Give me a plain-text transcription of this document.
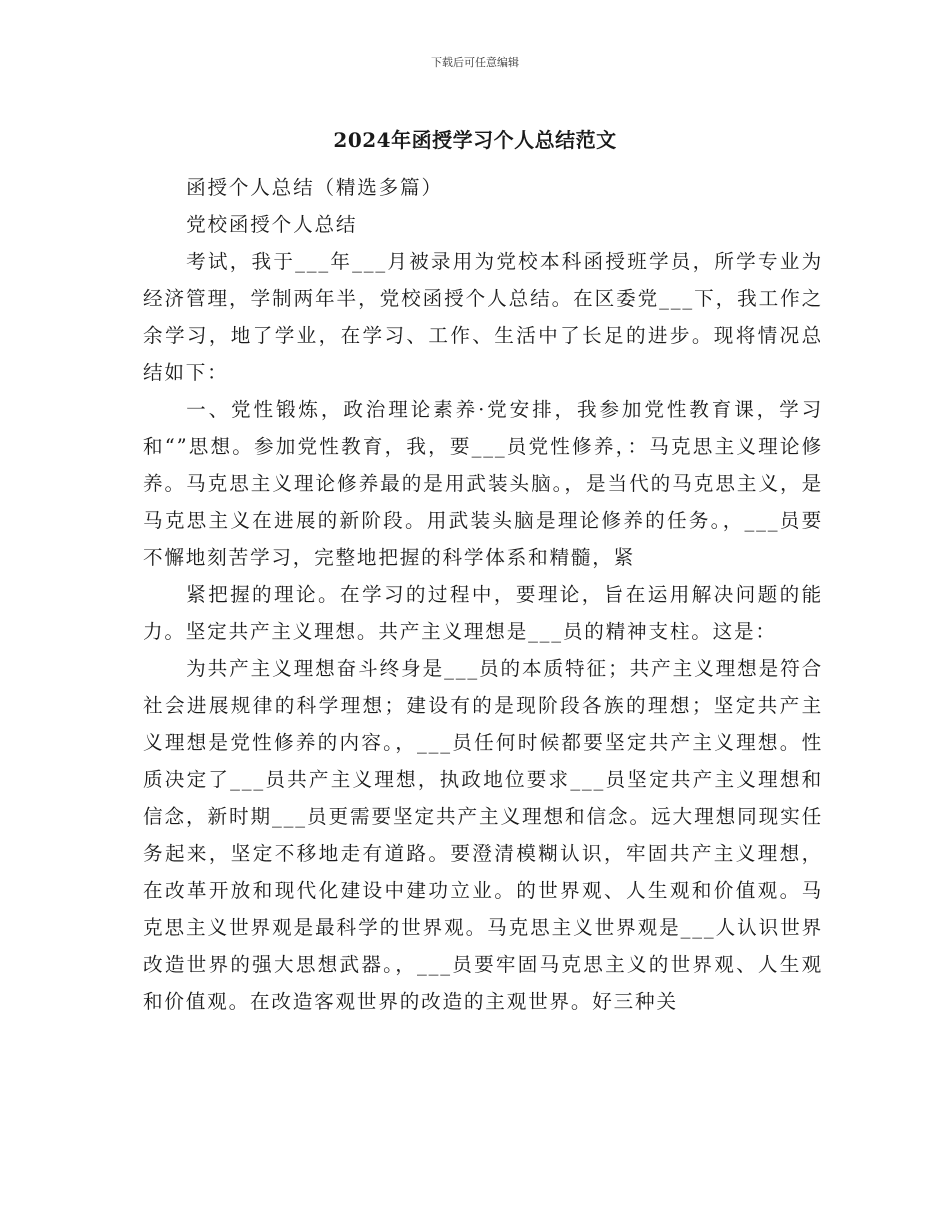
下载后可任意编辑
2024年函授学习个人总结范文

函授个人总结（精选多篇）

党校函授个人总结

考试，我于___年___月被录用为党校本科函授班学员，所学专业为经济管理，学制两年半，党校函授个人总结。在区委党___下，我工作之余学习，地了学业，在学习、工作、生活中了长足的进步。现将情况总结如下：

一、党性锻炼，政治理论素养·党安排，我参加党性教育课，学习和“”思想。参加党性教育，我，要___员党性修养，：马克思主义理论修养。马克思主义理论修养最的是用武装头脑。，是当代的马克思主义，是马克思主义在进展的新阶段。用武装头脑是理论修养的任务。，___员要不懈地刻苦学习，完整地把握的科学体系和精髓，紧

紧把握的理论。在学习的过程中，要理论，旨在运用解决问题的能力。坚定共产主义理想。共产主义理想是___员的精神支柱。这是：

为共产主义理想奋斗终身是___员的本质特征；共产主义理想是符合社会进展规律的科学理想；建设有的是现阶段各族的理想；坚定共产主义理想是党性修养的内容。，___员任何时候都要坚定共产主义理想。性质决定了___员共产主义理想，执政地位要求___员坚定共产主义理想和信念，新时期___员更需要坚定共产主义理想和信念。远大理想同现实任务起来，坚定不移地走有道路。要澄清模糊认识，牢固共产主义理想，在改革开放和现代化建设中建功立业。的世界观、人生观和价值观。马克思主义世界观是最科学的世界观。马克思主义世界观是___人认识世界改造世界的强大思想武器。，___员要牢固马克思主义的世界观、人生观和价值观。在改造客观世界的改造的主观世界。好三种关
